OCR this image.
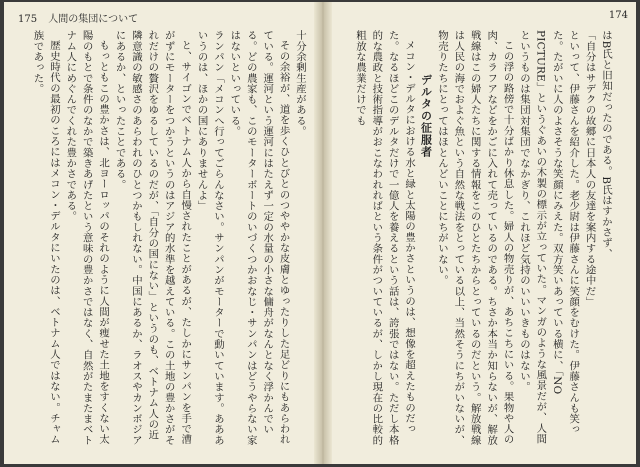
175 人間の集団について

十分余剰生産がある。

その余裕が、道を歩くひとびとのつややかな皮膚とゆったりした足どりにもあらわれている。運河という運河にはたえず一定の水量の小さな傭舟がなんとなく浮かんでいる。どの農家も、このモーターボートのいづくつかおなじ・サンパンはどうやらない家はないといっている。

ランパン「メコンへ行ってごらんなさい。サンパンがモーターで動いています。あああいうのは、ほかの国にありませんよ」

と、サイゴンでベトナム人から自慢されたことがあるが、たしかにサンパンを手で漕がずにモーターをつかうというのはアジア的水準を越えている。この土地の豊かさがそれだけの贅沢をゆるしているのだが、「自分の国にない」というのも、ベトナム人の近隣意識の敏感さのあらわれのひとつかもしれない。中国にあるか、ラオスやカンボジアにあるか、といったことである。

もっともこの豊かさは、北ヨーロッパのそれのように人間が痩せた土地をすくない太陽のもとで条件のなかで築きあげたという意味の豊かさではなく、自然がたまたまベトナム人にめぐんでくれた豊かさである。

歴史時代の最初のころにはメコン・デルタにいたのは、ベトナム人ではない。チャム族であった。

174

はB氏と旧知だったのである。B氏はすかさず、

「自分はサデクの故郷に日本人の友達を案内する途中だ」

といって、伊藤さんを紹介した。老少尉は伊藤さんに笑顔をむけた。伊藤さんも笑った。たがいに人のよさそうな笑顔にみえた。双方笑いあっている横に、「NO PICTURE」というぐあいの木製の標示が立っていた。マンガのような風景だが、人間というものは集団対集団でなかぎり、これほど気持のいいいきものはない。

この浮の路傍で十分ばかり休息した。婦人の物売りが、あちこちにいる。果物や人の肉、カラフアなどをかごに入れて売っているのである。ちさか本当か知らないが、解放戦線はこの婦人たちに関する情報をこのひとたちからとっているのだという。解放戦線は人民の海でおよぐ魚という自然な戦法をとっている以上、当然そうにちがいないが、物売りたちにとってはほとんどいことにちがいない。

デルタの征服者

メコン・デルタにおける水と緑と太陽の豊かさというのは、想像を超えたものだった。なるほどこのデルタだけで一億人を養えるという話は、誇張ではない。ただし本格的な農政と技術指導がおこなわれればという条件がついているが、しかし現在の比較的粗放な農業だけでも
